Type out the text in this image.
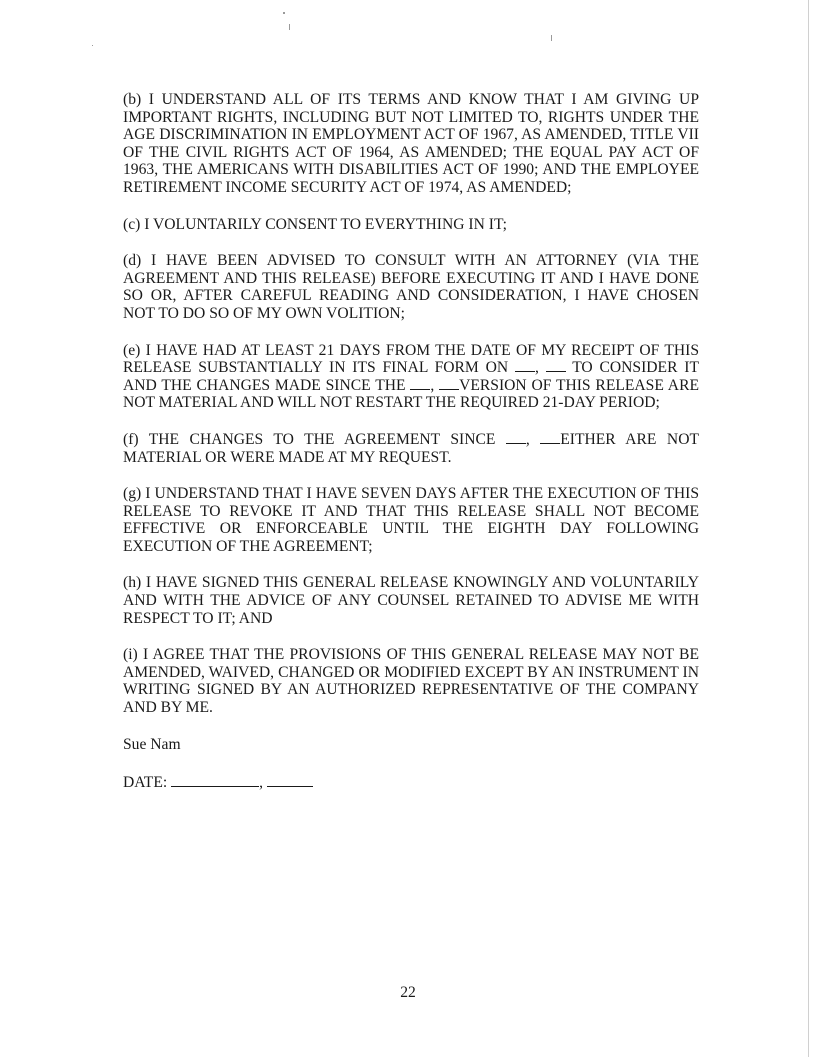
(b) I UNDERSTAND ALL OF ITS TERMS AND KNOW THAT I AM GIVING UP IMPORTANT RIGHTS, INCLUDING BUT NOT LIMITED TO, RIGHTS UNDER THE AGE DISCRIMINATION IN EMPLOYMENT ACT OF 1967, AS AMENDED, TITLE VII OF THE CIVIL RIGHTS ACT OF 1964, AS AMENDED; THE EQUAL PAY ACT OF 1963, THE AMERICANS WITH DISABILITIES ACT OF 1990; AND THE EMPLOYEE RETIREMENT INCOME SECURITY ACT OF 1974, AS AMENDED;

(c) I VOLUNTARILY CONSENT TO EVERYTHING IN IT;

(d) I HAVE BEEN ADVISED TO CONSULT WITH AN ATTORNEY (VIA THE AGREEMENT AND THIS RELEASE) BEFORE EXECUTING IT AND I HAVE DONE SO OR, AFTER CAREFUL READING AND CONSIDERATION, I HAVE CHOSEN NOT TO DO SO OF MY OWN VOLITION;

(e) I HAVE HAD AT LEAST 21 DAYS FROM THE DATE OF MY RECEIPT OF THIS RELEASE SUBSTANTIALLY IN ITS FINAL FORM ON , TO CONSIDER IT AND THE CHANGES MADE SINCE THE , VERSION OF THIS RELEASE ARE NOT MATERIAL AND WILL NOT RESTART THE REQUIRED 21-DAY PERIOD;

(f) THE CHANGES TO THE AGREEMENT SINCE , EITHER ARE NOT MATERIAL OR WERE MADE AT MY REQUEST.

(g) I UNDERSTAND THAT I HAVE SEVEN DAYS AFTER THE EXECUTION OF THIS RELEASE TO REVOKE IT AND THAT THIS RELEASE SHALL NOT BECOME EFFECTIVE OR ENFORCEABLE UNTIL THE EIGHTH DAY FOLLOWING EXECUTION OF THE AGREEMENT;

(h) I HAVE SIGNED THIS GENERAL RELEASE KNOWINGLY AND VOLUNTARILY AND WITH THE ADVICE OF ANY COUNSEL RETAINED TO ADVISE ME WITH RESPECT TO IT; AND

(i) I AGREE THAT THE PROVISIONS OF THIS GENERAL RELEASE MAY NOT BE AMENDED, WAIVED, CHANGED OR MODIFIED EXCEPT BY AN INSTRUMENT IN WRITING SIGNED BY AN AUTHORIZED REPRESENTATIVE OF THE COMPANY AND BY ME.

Sue Nam
DATE:	,
22
